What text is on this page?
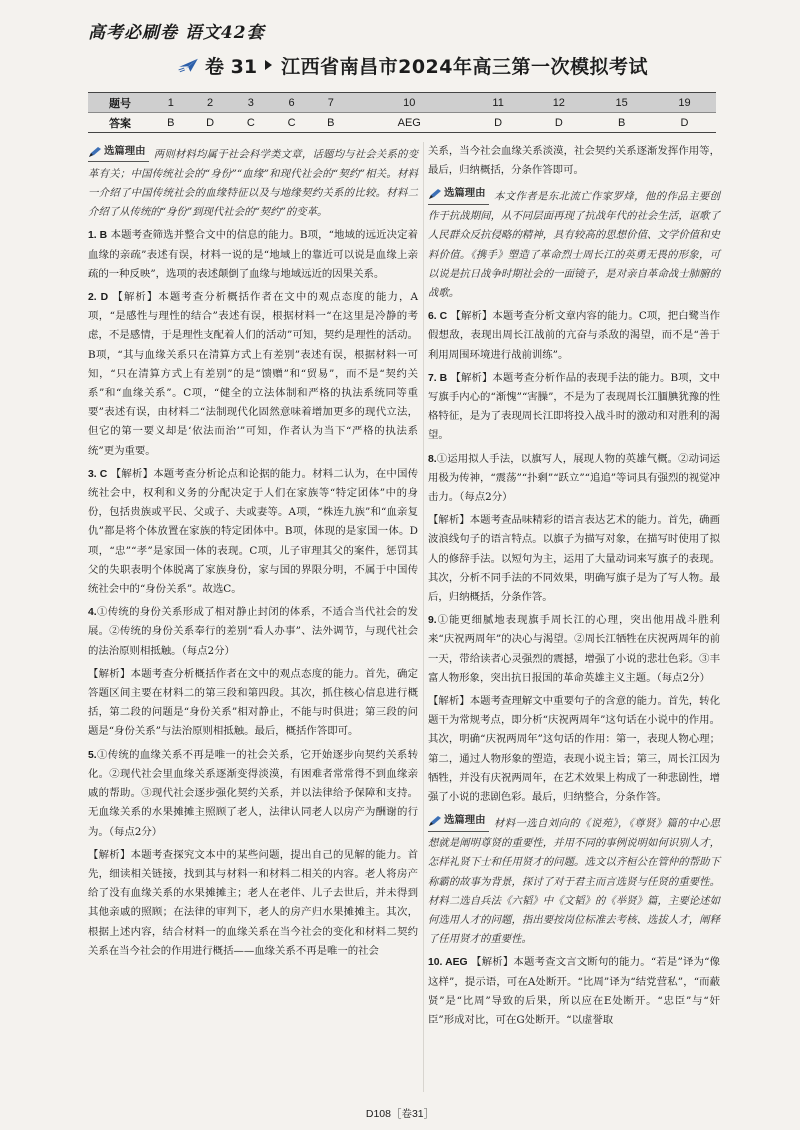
高考必刷卷 语文42套
卷 31 江西省南昌市2024年高三第一次模拟考试
题号	1	2	3	6	7	10	11	12	15	19
答案	B	D	C	C	B	AEG	D	D	B	D
选篇理由 两则材料均属于社会科学类文章，话题均与社会关系的变革有关；中国传统社会的“身份”“血缘”和现代社会的“契约”相关。材料一介绍了中国传统社会的血缘特征以及与地缘契约关系的比较。材料二介绍了从传统的“身份”到现代社会的“契约”的变革。
1. B 本题考查筛选并整合文中的信息的能力。B项，“地域的远近决定着血缘的亲疏”表述有误，材料一说的是“地域上的靠近可以说是血缘上亲疏的一种反映”，选项的表述颠倒了血缘与地域远近的因果关系。
2. D 【解析】本题考查分析概括作者在文中的观点态度的能力，A项，“是感性与理性的结合”表述有误，根据材料一“在这里是冷静的考虑，不是感情，于是理性支配着人们的活动”可知，契约是理性的活动。B项，“其与血缘关系只在清算方式上有差别”表述有误，根据材料一可知，“只在清算方式上有差别”的是“馈赠”和“贸易”，而不是“契约关系”和“血缘关系”。C项，“健全的立法体制和严格的执法系统同等重要”表述有误，由材料二“法制现代化固然意味着增加更多的现代立法，但它的第一要义却是‘依法而治’”可知，作者认为当下“严格的执法系统”更为重要。
3. C 【解析】本题考查分析论点和论据的能力。材料二认为，在中国传统社会中，权利和义务的分配决定于人们在家族等“特定团体”中的身份，包括贵族或平民、父或子、夫或妻等。A项，“株连九族”和“血亲复仇”都是将个体放置在家族的特定团体中。B项，体现的是家国一体。D项，“忠”“孝”是家国一体的表现。C项，儿子审理其父的案件，惩罚其父的失职表明个体脱离了家族身份，家与国的界限分明，不属于中国传统社会中的“身份关系”。故选C。
4.①传统的身份关系形成了相对静止封闭的体系，不适合当代社会的发展。②传统的身份关系奉行的差别“看人办事”、法外调节，与现代社会的法治原则相抵触。（每点2分）
【解析】本题考查分析概括作者在文中的观点态度的能力。首先，确定答题区间主要在材料二的第三段和第四段。其次，抓住核心信息进行概括，第二段的问题是“身份关系”相对静止，不能与时俱进；第三段的问题是“身份关系”与法治原则相抵触。最后，概括作答即可。
5.①传统的血缘关系不再是唯一的社会关系，它开始逐步向契约关系转化。②现代社会里血缘关系逐渐变得淡漠，有困难者常常得不到血缘亲戚的帮助。③现代社会逐步强化契约关系，并以法律给予保障和支持。无血缘关系的水果摊摊主照顾了老人，法律认同老人以房产为酬谢的行为。（每点2分）
【解析】本题考查探究文本中的某些问题，提出自己的见解的能力。首先，细读相关链接，找到其与材料一和材料二相关的内容。老人将房产给了没有血缘关系的水果摊摊主；老人在老伴、儿子去世后，并未得到其他亲戚的照顾；在法律的审判下，老人的房产归水果摊摊主。其次，根据上述内容，结合材料一的血缘关系在当今社会的变化和材料二契约关系在当今社会的作用进行概括——血缘关系不再是唯一的社会
关系，当今社会血缘关系淡漠，社会契约关系逐渐发挥作用等，最后，归纳概括，分条作答即可。
选篇理由 本文作者是东北流亡作家罗烽，他的作品主要创作于抗战期间，从不同层面再现了抗战年代的社会生活，讴歌了人民群众反抗侵略的精神，具有较高的思想价值、文学价值和史料价值。《携手》塑造了革命烈士周长江的英勇无畏的形象，可以说是抗日战争时期社会的一面镜子，是对亲自革命战士肺腑的战歌。
6. C 【解析】本题考查分析文章内容的能力。C项，把白鹭当作假想敌，表现出周长江战前的亢奋与杀敌的渴望，而不是“善于利用周围环境进行战前训练”。
7. B 【解析】本题考查分析作品的表现手法的能力。B项，文中写旗手内心的“渐愧”“害臊”，不是为了表现周长江腼腆犹豫的性格特征，是为了表现周长江即将投入战斗时的激动和对胜利的渴望。
8.①运用拟人手法，以旗写人，展现人物的英雄气概。②动词运用极为传神，“震荡”“扑剩”“跃立”“追追”等词具有强烈的视觉冲击力。（每点2分）
【解析】本题考查品味精彩的语言表达艺术的能力。首先，确画波浪线句子的语言特点。以旗子为描写对象，在描写时使用了拟人的修辞手法。以短句为主，运用了大量动词来写旗子的表现。其次，分析不同手法的不同效果，明确写旗子是为了写人物。最后，归纳概括，分条作答。
9.①能更细腻地表现旗手周长江的心理，突出他用战斗胜利来“庆祝两周年”的决心与渴望。②周长江牺牲在庆祝两周年的前一天，带给读者心灵强烈的震撼，增强了小说的悲壮色彩。③丰富人物形象，突出抗日报国的革命英雄主义主题。（每点2分）
【解析】本题考查理解文中重要句子的含意的能力。首先，转化题干为常规考点，即分析“庆祝两周年”这句话在小说中的作用。其次，明确“庆祝两周年”这句话的作用：第一，表现人物心理；第二，通过人物形象的塑造，表现小说主旨；第三，周长江因为牺牲，并没有庆祝两周年，在艺术效果上构成了一种悲剧性，增强了小说的悲剧色彩。最后，归纳整合，分条作答。
选篇理由 材料一选自刘向的《说苑》，《尊贤》篇的中心思想就是阐明尊贤的重要性，并用不同的事例说明如何识别人才，怎样礼贤下士和任用贤才的问题。选文以齐桓公在管仲的帮助下称霸的故事为背景，探讨了对于君主而言选贤与任贤的重要性。材料二选自兵法《六韬》中《文韬》的《举贤》篇，主要论述如何选用人才的问题，指出要按岗位标准去考核、选拔人才，阐释了任用贤才的重要性。
10. AEG 【解析】本题考查文言文断句的能力。“若是”译为“像这样”，提示语，可在A处断开。“比周”译为“结党营私”，“而蔽贤”是“比周”导致的后果，所以应在E处断开。“忠臣”与“奸臣”形成对比，可在G处断开。“以虚誉取
D108［卷31］
